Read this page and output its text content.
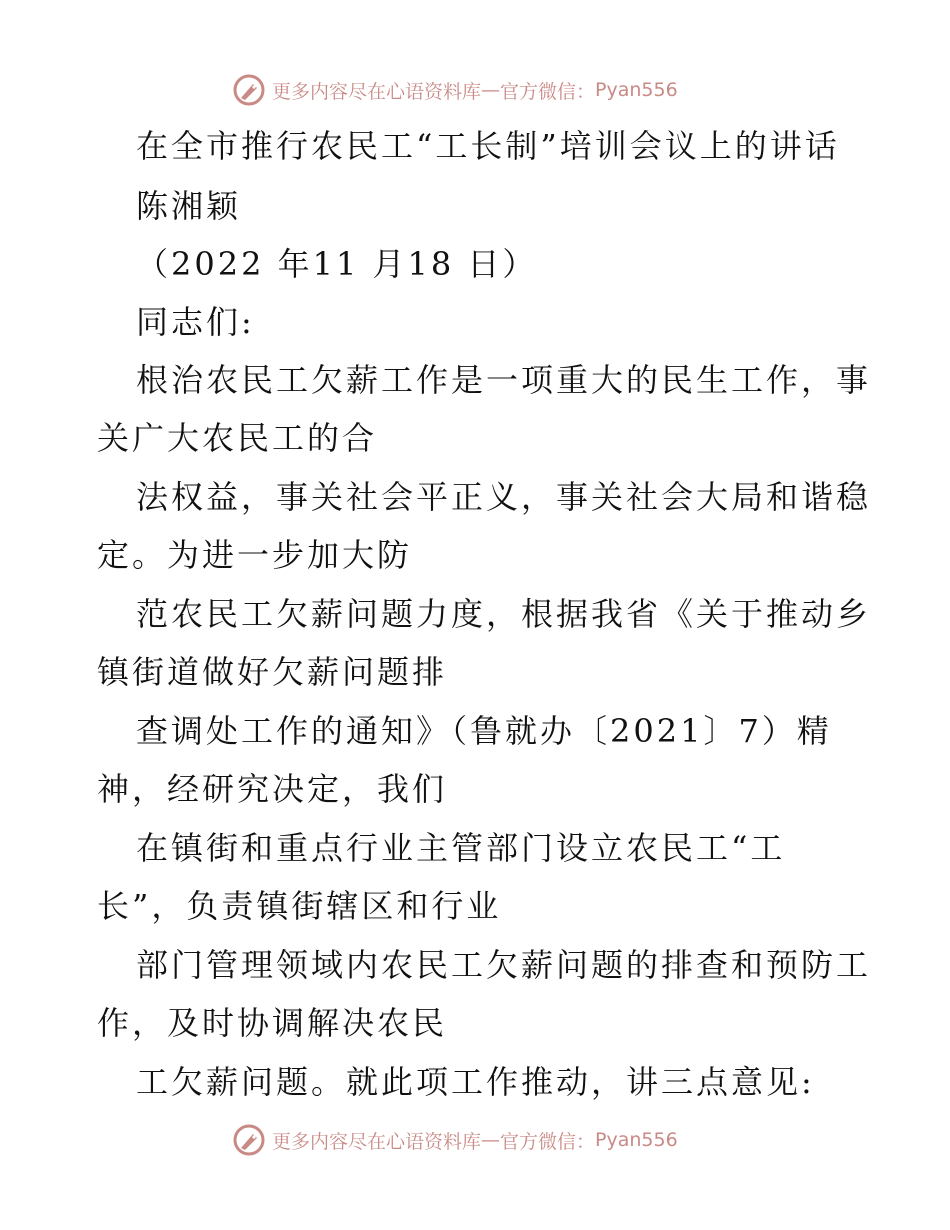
更多内容尽在心语资料库 — 官方微信： Pyan556
在全市推行农民工“工长制”培训会议上的讲话
陈湘颖
（2022 年11 月18 日）
同志们:
根治农民工欠薪工作是一项重大的民生工作，事
关广大农民工的合
法权益，事关社会平正义，事关社会大局和谐稳
定。为进一步加大防
范农民工欠薪问题力度，根据我省《关于推动乡
镇街道做好欠薪问题排
查调处工作的通知》（鲁就办〔2021〕7）精
神，经研究决定，我们
在镇街和重点行业主管部门设立农民工“工
长”，负责镇街辖区和行业
部门管理领域内农民工欠薪问题的排查和预防工
作，及时协调解决农民
工欠薪问题。就此项工作推动，讲三点意见:
更多内容尽在心语资料库 — 官方微信： Pyan556
